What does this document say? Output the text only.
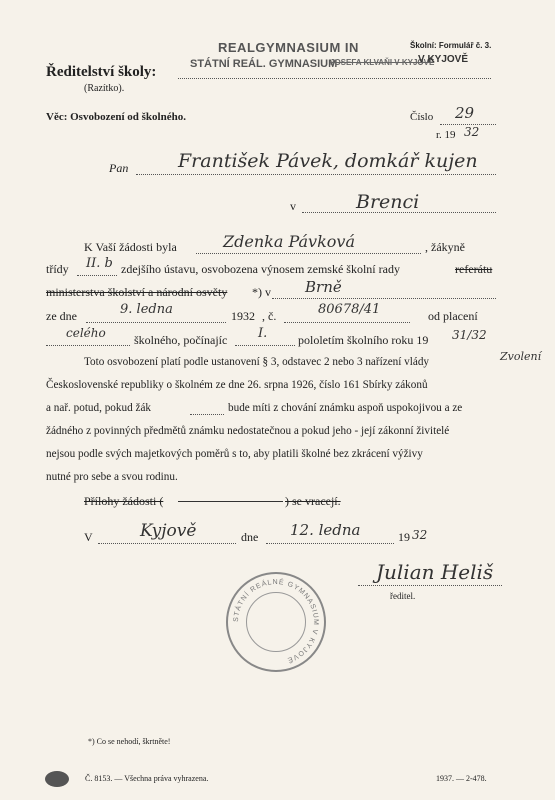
Ředitelství školy:
(Razítko).
REALGYMNASIUM IN
STÁTNÍ REÁL. GYMNASIUM
JOSEFA KLVAŇI V KYJOVĚ
V KYJOVĚ
Školní: Formulář č. 3.
Věc: Osvobození od školného.	Číslo 29
r. 19 32
Pan	František Pávek, domkář kujen
v	Brenci
K Vaší žádosti byla	Zdenka Pávková	, žákyně
třídy II. b zdejšího ústavu, osvobozena výnosem zemské školní rady	referátu
ministerstva školství a národní osvěty *) v Brně
ze dne	9. ledna	1932 , č.	80678/41	od placení
celého školného, počínajíc I.	pololetím školního roku 19 31/32
Toto osvobození platí podle ustanovení § 3, odstavec 2 nebo 3 nařízení vlády	Zvolení
Československé republiky o školném ze dne 26. srpna 1926, číslo 161 Sbírky zákonů
a nař. potud, pokud žák	bude míti z chování známku aspoň uspokojivou a ze
žádného z povinných předmětů známku nedostatečnou a pokud jeho - její zákonní živitelé
nejsou podle svých majetkových poměrů s to, aby platili školné bez zkrácení výživy
nutné pro sebe a svou rodinu.
Přílohy žádosti (	) se vracejí.
V	Kyjově	dne 12. ledna	19 32
Julian Heliš
ředitel.
STÁTNÍ REÁLNÉ GYMNASIUM V KYJOVĚ
*) Co se nehodí, škrtněte!
Č. 8153. — Všechna práva vyhrazena.	1937. — 2-478.
